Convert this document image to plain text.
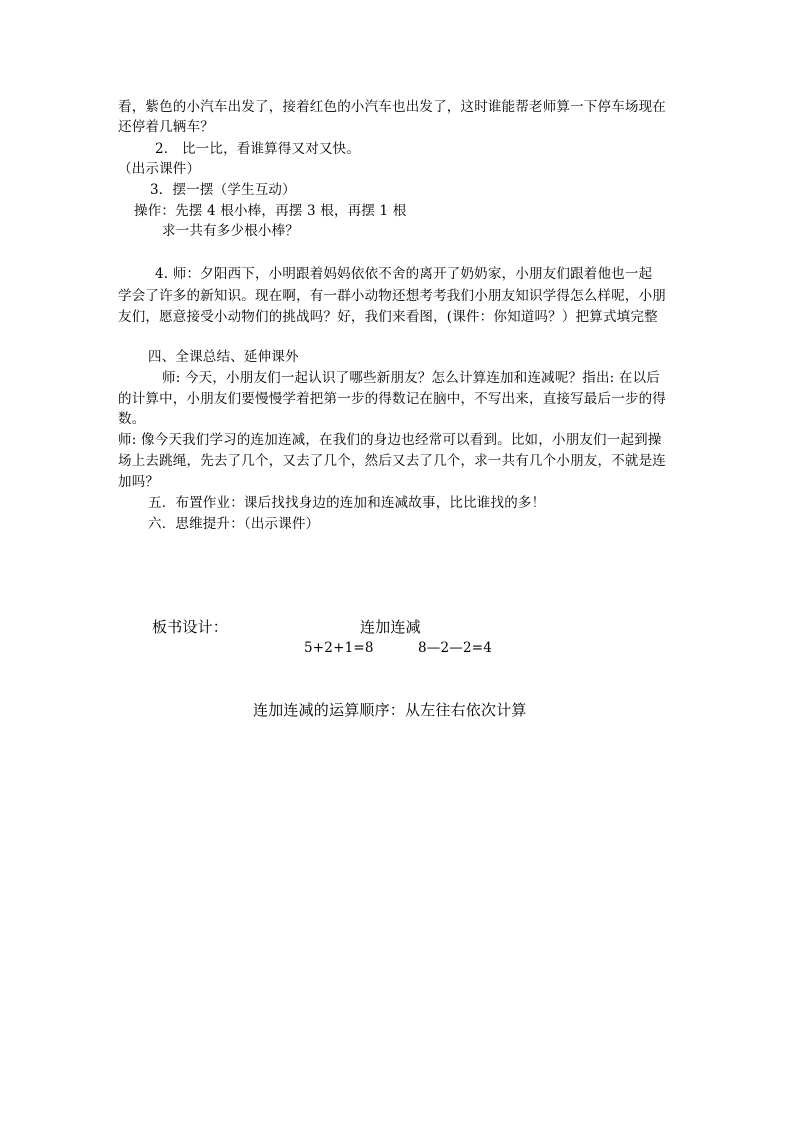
看，紫色的小汽车出发了，接着红色的小汽车也出发了，这时谁能帮老师算一下停车场现在
还停着几辆车？
2． 比一比，看谁算得又对又快。
（出示课件）
3．摆一摆（学生互动）
操作：先摆 4 根小棒，再摆 3 根，再摆 1 根
求一共有多少根小棒？
4. 师：夕阳西下，小明跟着妈妈依依不舍的离开了奶奶家，小朋友们跟着他也一起
学会了许多的新知识。现在啊，有一群小动物还想考考我们小朋友知识学得怎么样呢，小朋
友们，愿意接受小动物们的挑战吗？好，我们来看图，(课件：你知道吗？）把算式填完整
四、全课总结、延伸课外
师: 今天，小朋友们一起认识了哪些新朋友？怎么计算连加和连减呢？指出: 在以后
的计算中，小朋友们要慢慢学着把第一步的得数记在脑中，不写出来，直接写最后一步的得
数。
师: 像今天我们学习的连加连减，在我们的身边也经常可以看到。比如，小朋友们一起到操
场上去跳绳，先去了几个，又去了几个，然后又去了几个，求一共有几个小朋友，不就是连
加吗？
五．布置作业：课后找找身边的连加和连减故事，比比谁找的多！
六．思维提升：（出示课件）
板书设计：	连加连减
5+2+1=8	8—2—2=4
连加连减的运算顺序：从左往右依次计算
